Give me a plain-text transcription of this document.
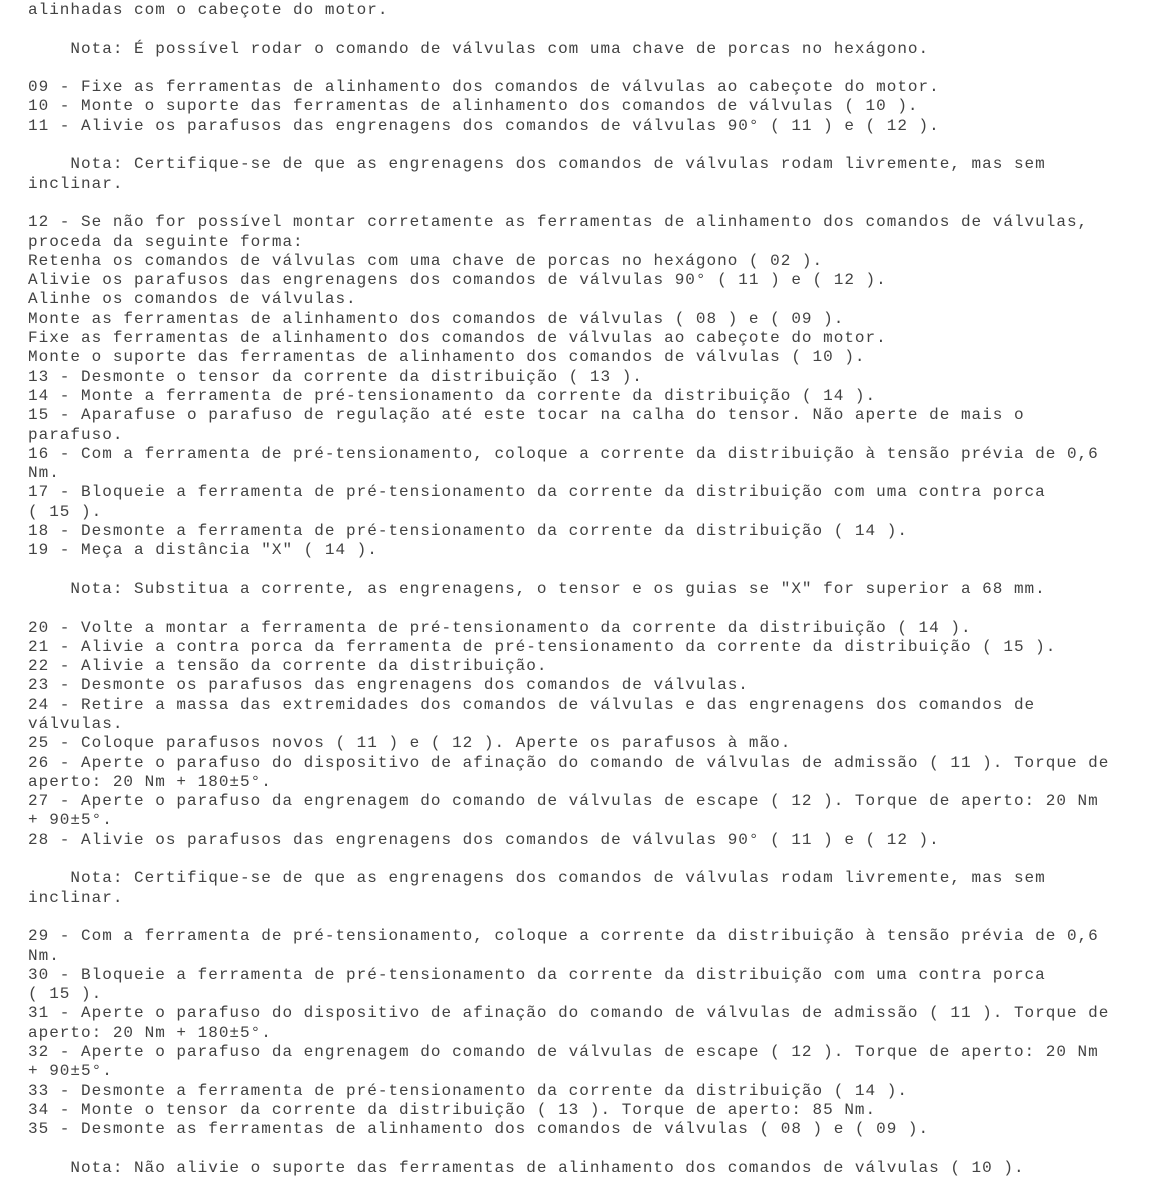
alinhadas com o cabeçote do motor.
Nota: É possível rodar o comando de válvulas com uma chave de porcas no hexágono.
09 - Fixe as ferramentas de alinhamento dos comandos de válvulas ao cabeçote do motor.
10 - Monte o suporte das ferramentas de alinhamento dos comandos de válvulas ( 10 ).
11 - Alivie os parafusos das engrenagens dos comandos de válvulas 90° ( 11 ) e ( 12 ).
Nota: Certifique-se de que as engrenagens dos comandos de válvulas rodam livremente, mas sem
inclinar.
12 - Se não for possível montar corretamente as ferramentas de alinhamento dos comandos de válvulas,
proceda da seguinte forma:
Retenha os comandos de válvulas com uma chave de porcas no hexágono ( 02 ).
Alivie os parafusos das engrenagens dos comandos de válvulas 90° ( 11 ) e ( 12 ).
Alinhe os comandos de válvulas.
Monte as ferramentas de alinhamento dos comandos de válvulas ( 08 ) e ( 09 ).
Fixe as ferramentas de alinhamento dos comandos de válvulas ao cabeçote do motor.
Monte o suporte das ferramentas de alinhamento dos comandos de válvulas ( 10 ).
13 - Desmonte o tensor da corrente da distribuição ( 13 ).
14 - Monte a ferramenta de pré-tensionamento da corrente da distribuição ( 14 ).
15 - Aparafuse o parafuso de regulação até este tocar na calha do tensor. Não aperte de mais o
parafuso.
16 - Com a ferramenta de pré-tensionamento, coloque a corrente da distribuição à tensão prévia de 0,6
Nm.
17 - Bloqueie a ferramenta de pré-tensionamento da corrente da distribuição com uma contra porca
( 15 ).
18 - Desmonte a ferramenta de pré-tensionamento da corrente da distribuição ( 14 ).
19 - Meça a distância "X" ( 14 ).
Nota: Substitua a corrente, as engrenagens, o tensor e os guias se "X" for superior a 68 mm.
20 - Volte a montar a ferramenta de pré-tensionamento da corrente da distribuição ( 14 ).
21 - Alivie a contra porca da ferramenta de pré-tensionamento da corrente da distribuição ( 15 ).
22 - Alivie a tensão da corrente da distribuição.
23 - Desmonte os parafusos das engrenagens dos comandos de válvulas.
24 - Retire a massa das extremidades dos comandos de válvulas e das engrenagens dos comandos de
válvulas.
25 - Coloque parafusos novos ( 11 ) e ( 12 ). Aperte os parafusos à mão.
26 - Aperte o parafuso do dispositivo de afinação do comando de válvulas de admissão ( 11 ). Torque de
aperto: 20 Nm + 180±5°.
27 - Aperte o parafuso da engrenagem do comando de válvulas de escape ( 12 ). Torque de aperto: 20 Nm
+ 90±5°.
28 - Alivie os parafusos das engrenagens dos comandos de válvulas 90° ( 11 ) e ( 12 ).
Nota: Certifique-se de que as engrenagens dos comandos de válvulas rodam livremente, mas sem
inclinar.
29 - Com a ferramenta de pré-tensionamento, coloque a corrente da distribuição à tensão prévia de 0,6
Nm.
30 - Bloqueie a ferramenta de pré-tensionamento da corrente da distribuição com uma contra porca
( 15 ).
31 - Aperte o parafuso do dispositivo de afinação do comando de válvulas de admissão ( 11 ). Torque de
aperto: 20 Nm + 180±5°.
32 - Aperte o parafuso da engrenagem do comando de válvulas de escape ( 12 ). Torque de aperto: 20 Nm
+ 90±5°.
33 - Desmonte a ferramenta de pré-tensionamento da corrente da distribuição ( 14 ).
34 - Monte o tensor da corrente da distribuição ( 13 ). Torque de aperto: 85 Nm.
35 - Desmonte as ferramentas de alinhamento dos comandos de válvulas ( 08 ) e ( 09 ).
Nota: Não alivie o suporte das ferramentas de alinhamento dos comandos de válvulas ( 10 ).
